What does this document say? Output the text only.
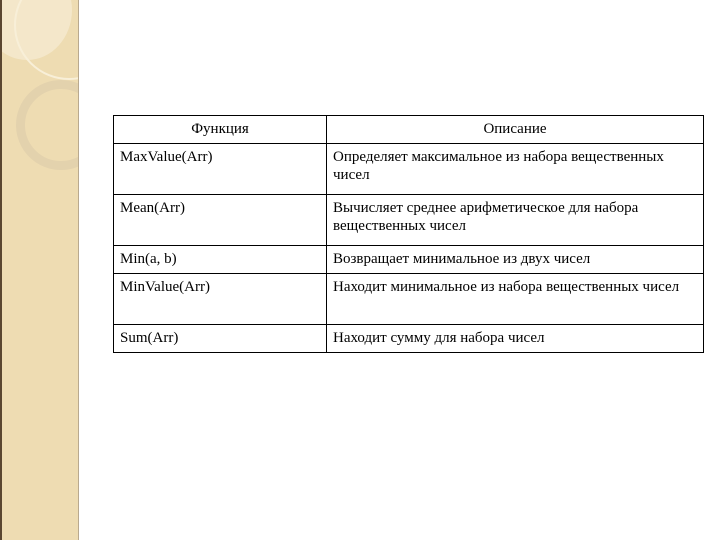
Функция	Описание
MaxValue(Arr)	Определяет максимальное из набора вещественных чисел
Mean(Arr)	Вычисляет среднее арифметическое для набора вещественных чисел
Min(a, b)	Возвращает минимальное из двух чисел
MinValue(Arr)	Находит минимальное из набора вещественных чисел
Sum(Arr)	Находит сумму для набора чисел
